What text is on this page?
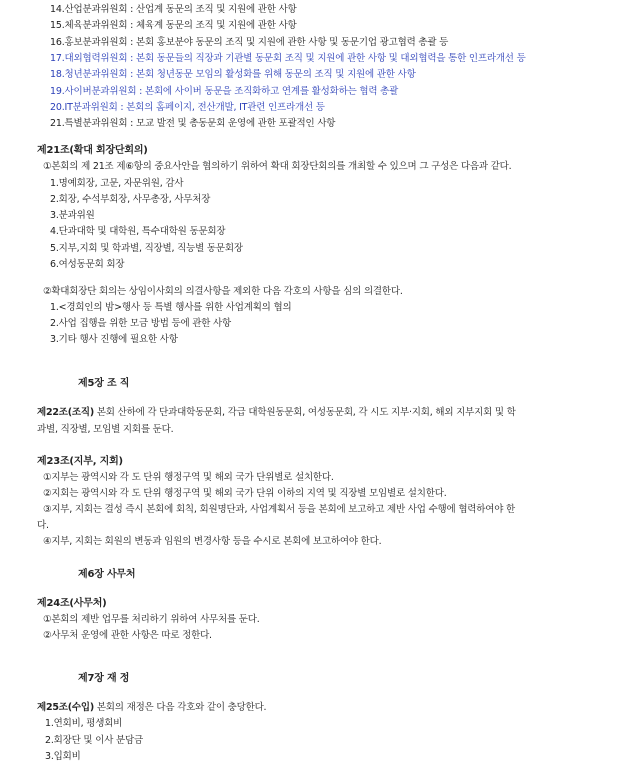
14.산업분과위원회 : 산업계 동문의 조직 및 지원에 관한 사항
15.체육분과위원회 : 체육계 동문의 조직 및 지원에 관한 사항
16.홍보분과위원회 : 본회 홍보분야 동문의 조직 및 지원에 관한 사항 및 동문기업 광고협력 총괄 등
17.대외협력위원회 : 본회 동문들의 직장과 기관별 동문회 조직 및 지원에 관한 사항 및 대외협력을 통한 인프라개선 등
18.청년분과위원회 : 본회 청년동문 모임의 활성화를 위해 동문의 조직 및 지원에 관한 사항
19.사이버분과위원회 : 본회에 사이버 동문을 조직화하고 연계를 활성화하는 협력 총괄
20.IT분과위원회 : 본회의 홈페이지, 전산개발, IT관련 인프라개선 등
21.특별분과위원회 : 모교 발전 및 총동문회 운영에 관한 포괄적인 사항
제21조(확대 회장단회의)
①본회의 제 21조 제⑥항의 중요사안을 협의하기 위하여 확대 회장단회의를 개최할 수 있으며 그 구성은 다음과 같다.
1.명예회장, 고문, 자문위원, 감사
2.회장, 수석부회장, 사무총장, 사무처장
3.분과위원
4.단과대학 및 대학원, 특수대학원 동문회장
5.지부,지회 및 학과별, 직장별, 직능별 동문회장
6.여성동문회 회장
②확대회장단 회의는 상임이사회의 의결사항을 제외한 다음 각호의 사항을 심의 의결한다.
1.<경희인의 밤>행사 등 특별 행사를 위한 사업계획의 협의
2.사업 집행을 위한 모금 방법 등에 관한 사항
3.기타 행사 진행에 필요한 사항
제5장 조 직
제22조(조직) 본회 산하에 각 단과대학동문회, 각급 대학원동문회, 여성동문회, 각 시도 지부·지회, 해외 지부지회 및 학
과별, 직장별, 모임별 지회를 둔다.
제23조(지부, 지회)
①지부는 광역시와 각 도 단위 행정구역 및 해외 국가 단위별로 설치한다.
②지회는 광역시와 각 도 단위 행정구역 및 해외 국가 단위 이하의 지역 및 직장별 모임별로 설치한다.
③지부, 지회는 결성 즉시 본회에 회칙, 회원명단과, 사업계획서 등을 본회에 보고하고 제반 사업 수행에 협력하여야 한
다.
④지부, 지회는 회원의 변동과 임원의 변경사항 등을 수시로 본회에 보고하여야 한다.
제6장 사무처
제24조(사무처)
①본회의 제반 업무를 처리하기 위하여 사무처를 둔다.
②사무처 운영에 관한 사항은 따로 정한다.
제7장 재 정
제25조(수입) 본회의 재정은 다음 각호와 같이 충당한다.
1.연회비, 평생회비
2.회장단 및 이사 분담금
3.입회비
